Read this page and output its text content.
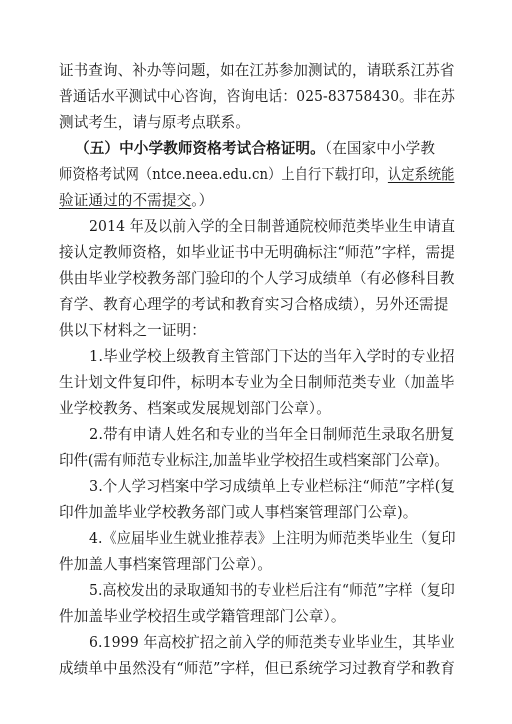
证书查询、补办等问题，如在江苏参加测试的，请联系江苏省
普通话水平测试中心咨询，咨询电话：025-83758430。非在苏
测试考生，请与原考点联系。
（五）中小学教师资格考试合格证明。（在国家中小学教
师资格考试网（ntce.neea.edu.cn）上自行下载打印，认定系统能
验证通过的不需提交。）
2014 年及以前入学的全日制普通院校师范类毕业生申请直
接认定教师资格，如毕业证书中无明确标注“师范”字样，需提
供由毕业学校教务部门验印的个人学习成绩单（有必修科目教
育学、教育心理学的考试和教育实习合格成绩），另外还需提
供以下材料之一证明：
1.毕业学校上级教育主管部门下达的当年入学时的专业招
生计划文件复印件，标明本专业为全日制师范类专业（加盖毕
业学校教务、档案或发展规划部门公章）。
2.带有申请人姓名和专业的当年全日制师范生录取名册复
印件(需有师范专业标注,加盖毕业学校招生或档案部门公章)。
3.个人学习档案中学习成绩单上专业栏标注“师范”字样(复
印件加盖毕业学校教务部门或人事档案管理部门公章)。
4.《应届毕业生就业推荐表》上注明为师范类毕业生（复印
件加盖人事档案管理部门公章）。
5.高校发出的录取通知书的专业栏后注有“师范”字样（复印
件加盖毕业学校招生或学籍管理部门公章）。
6.1999 年高校扩招之前入学的师范类专业毕业生，其毕业
成绩单中虽然没有“师范”字样，但已系统学习过教育学和教育
